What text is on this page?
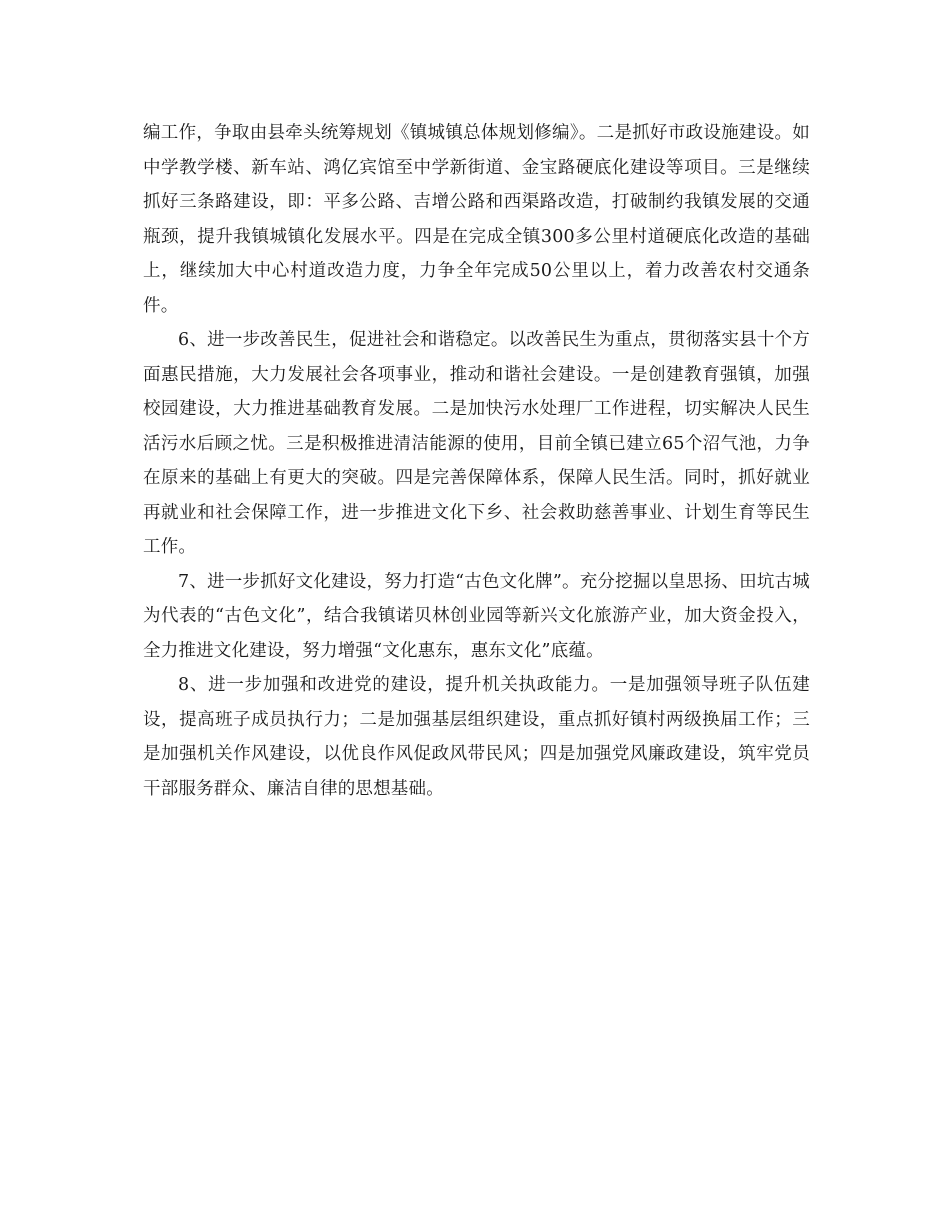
编工作，争取由县牵头统筹规划《镇城镇总体规划修编》。二是抓好市政设施建设。如中学教学楼、新车站、鸿亿宾馆至中学新街道、金宝路硬底化建设等项目。三是继续抓好三条路建设，即：平多公路、吉增公路和西渠路改造，打破制约我镇发展的交通瓶颈，提升我镇城镇化发展水平。四是在完成全镇300多公里村道硬底化改造的基础上，继续加大中心村道改造力度，力争全年完成50公里以上，着力改善农村交通条件。

6、进一步改善民生，促进社会和谐稳定。以改善民生为重点，贯彻落实县十个方面惠民措施，大力发展社会各项事业，推动和谐社会建设。一是创建教育强镇，加强校园建设，大力推进基础教育发展。二是加快污水处理厂工作进程，切实解决人民生活污水后顾之忧。三是积极推进清洁能源的使用，目前全镇已建立65个沼气池，力争在原来的基础上有更大的突破。四是完善保障体系，保障人民生活。同时，抓好就业再就业和社会保障工作，进一步推进文化下乡、社会救助慈善事业、计划生育等民生工作。

7、进一步抓好文化建设，努力打造“古色文化牌”。充分挖掘以皇思扬、田坑古城为代表的“古色文化”，结合我镇诺贝林创业园等新兴文化旅游产业，加大资金投入，全力推进文化建设，努力增强“文化惠东，惠东文化”底蕴。

8、进一步加强和改进党的建设，提升机关执政能力。一是加强领导班子队伍建设，提高班子成员执行力；二是加强基层组织建设，重点抓好镇村两级换届工作；三是加强机关作风建设，以优良作风促政风带民风；四是加强党风廉政建设，筑牢党员干部服务群众、廉洁自律的思想基础。
